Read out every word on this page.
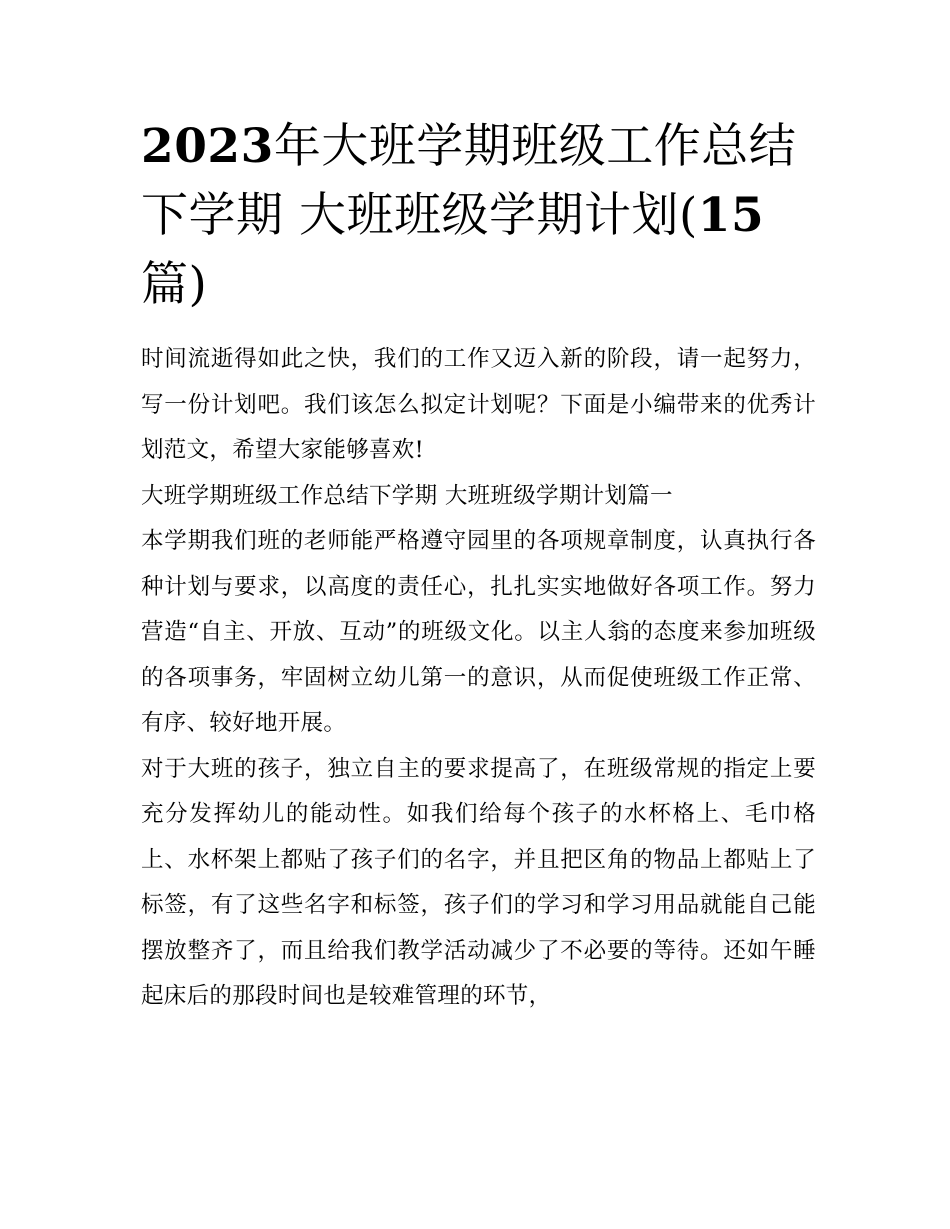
2023年大班学期班级工作总结下学期 大班班级学期计划(15篇)

时间流逝得如此之快，我们的工作又迈入新的阶段，请一起努力，写一份计划吧。我们该怎么拟定计划呢？下面是小编带来的优秀计划范文，希望大家能够喜欢!

大班学期班级工作总结下学期 大班班级学期计划篇一

本学期我们班的老师能严格遵守园里的各项规章制度，认真执行各种计划与要求，以高度的责任心，扎扎实实地做好各项工作。努力营造“自主、开放、互动”的班级文化。以主人翁的态度来参加班级的各项事务，牢固树立幼儿第一的意识，从而促使班级工作正常、有序、较好地开展。

对于大班的孩子，独立自主的要求提高了，在班级常规的指定上要充分发挥幼儿的能动性。如我们给每个孩子的水杯格上、毛巾格上、水杯架上都贴了孩子们的名字，并且把区角的物品上都贴上了标签，有了这些名字和标签，孩子们的学习和学习用品就能自己能摆放整齐了，而且给我们教学活动减少了不必要的等待。还如午睡起床后的那段时间也是较难管理的环节，
